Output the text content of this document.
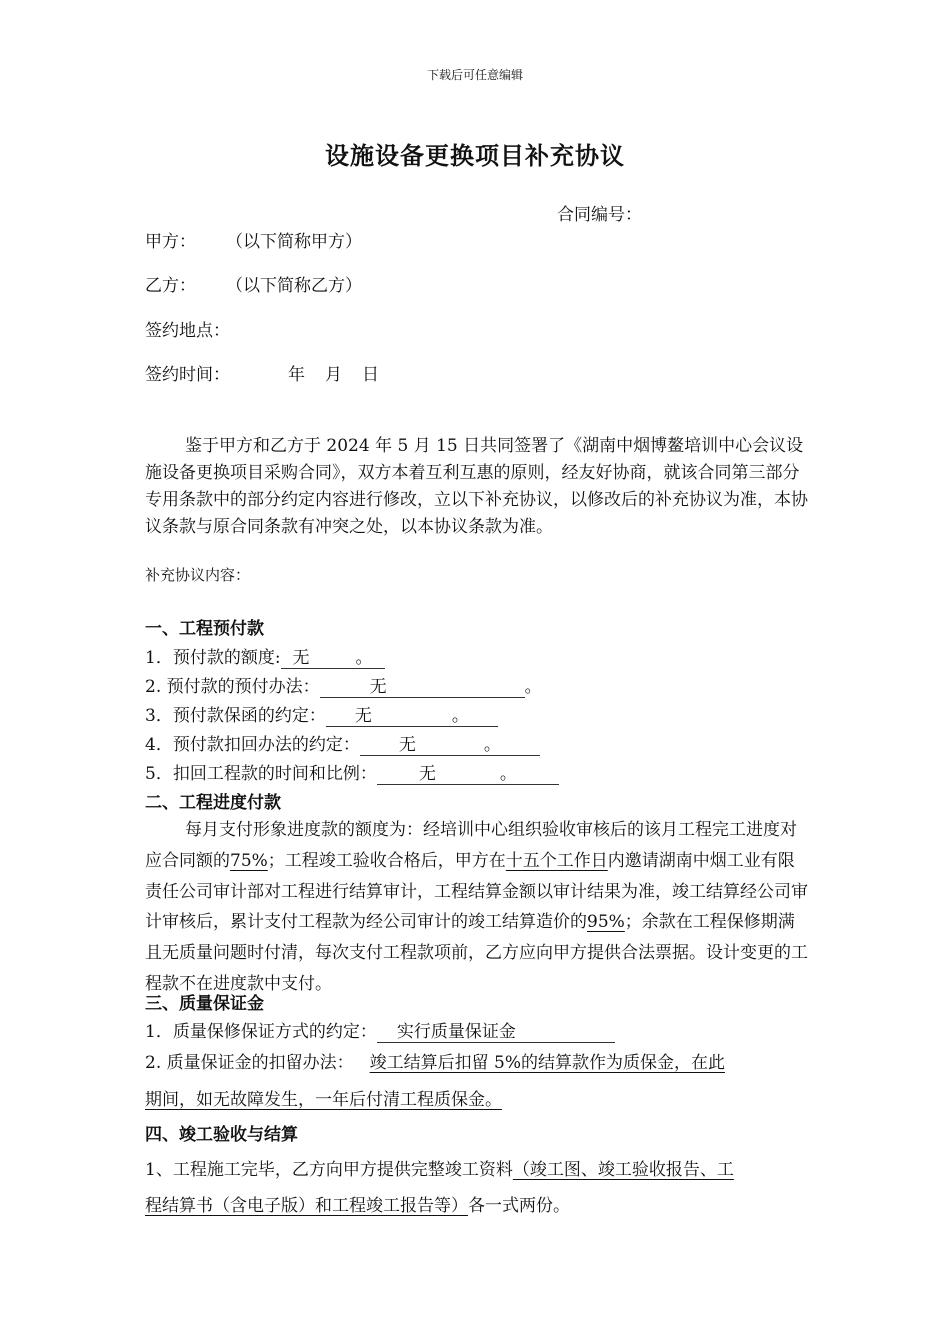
下载后可任意编辑
设施设备更换项目补充协议
合同编号：
甲方： （以下简称甲方）
乙方： （以下简称乙方）
签约地点：
签约时间：	年 月 日
鉴于甲方和乙方于 2024 年 5 月 15 日共同签署了《湖南中烟博鳌培训中心会议设施设备更换项目采购合同》，双方本着互利互惠的原则，经友好协商，就该合同第三部分专用条款中的部分约定内容进行修改，立以下补充协议，以修改后的补充协议为准，本协议条款与原合同条款有冲突之处，以本协议条款为准。
补充协议内容：
一、工程预付款
1．预付款的额度: 无	。
2. 预付款的预付办法：	无	。
3．预付款保函的约定： 无	。
4．预付款扣回办法的约定： 无	。
5．扣回工程款的时间和比例： 无	。
二、工程进度付款
每月支付形象进度款的额度为：经培训中心组织验收审核后的该月工程完工进度对应合同额的75%；工程竣工验收合格后，甲方在十五个工作日内邀请湖南中烟工业有限责任公司审计部对工程进行结算审计，工程结算金额以审计结果为准，竣工结算经公司审计审核后，累计支付工程款为经公司审计的竣工结算造价的95%；余款在工程保修期满且无质量问题时付清，每次支付工程款项前，乙方应向甲方提供合法票据。设计变更的工程款不在进度款中支付。
三、质量保证金
1．质量保修保证方式的约定： 实行质量保证金
2. 质量保证金的扣留办法： 竣工结算后扣留 5%的结算款作为质保金，在此
期间，如无故障发生，一年后付清工程质保金。
四、竣工验收与结算
1、工程施工完毕，乙方向甲方提供完整竣工资料（竣工图、竣工验收报告、工
程结算书（含电子版）和工程竣工报告等）各一式两份。
